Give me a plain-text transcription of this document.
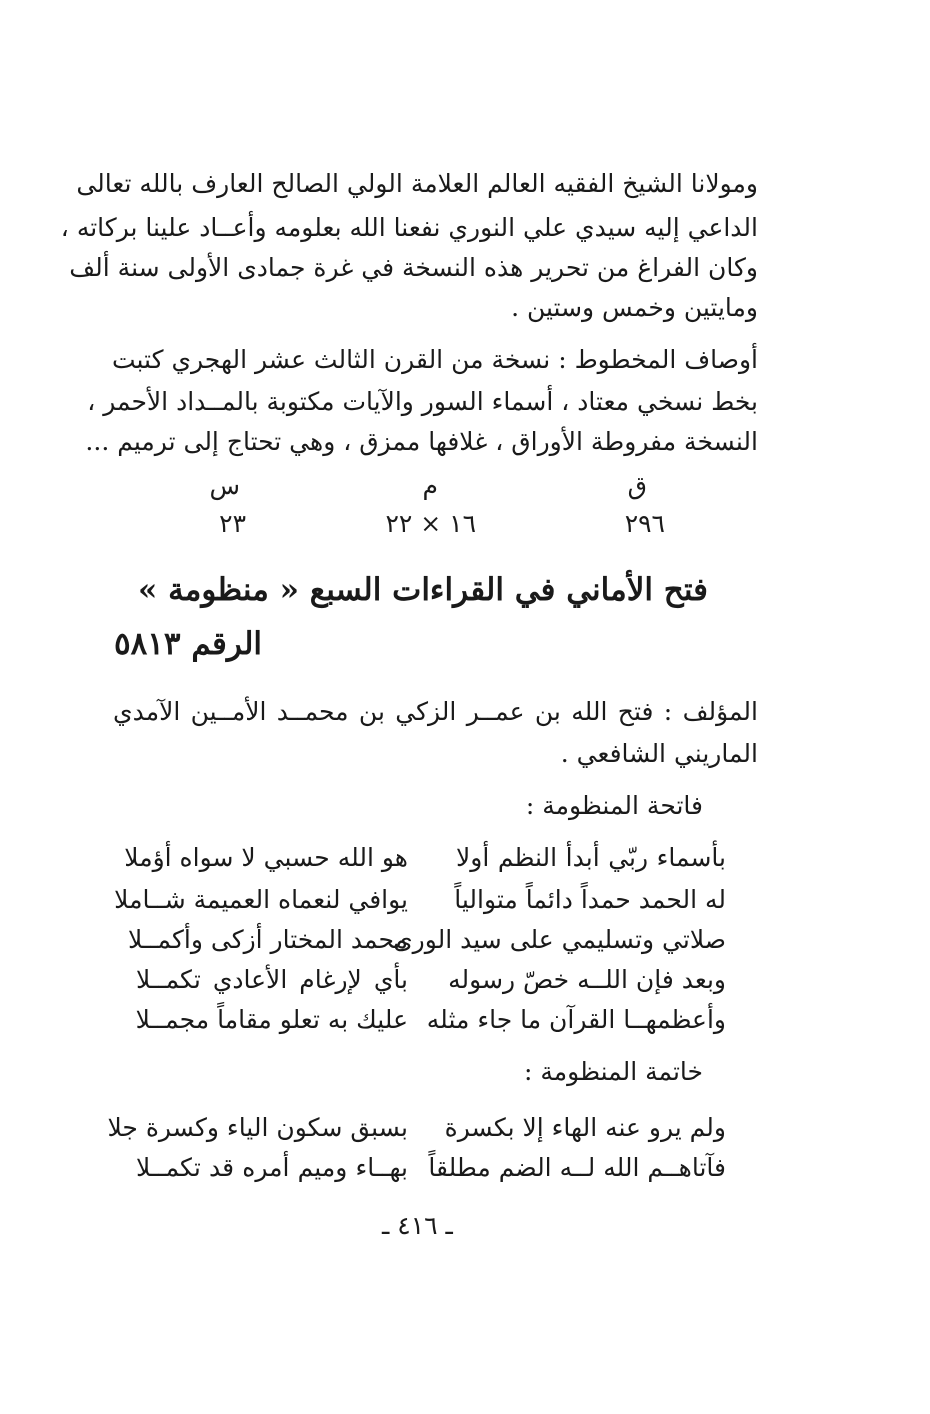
ومولانا الشيخ الفقيه العالم العلامة الولي الصالح العارف بالله تعالى
الداعي إليه سيدي علي النوري نفعنا الله بعلومه وأعــاد علينا بركاته ،
وكان الفراغ من تحرير هذه النسخة في غرة جمادى الأولى سنة ألف
ومايتين وخمس وستين .
أوصاف المخطوط : نسخة من القرن الثالث عشر الهجري كتبت
بخط نسخي معتاد ، أسماء السور والآيات مكتوبة بالمــداد الأحمر ،
النسخة مفروطة الأوراق ، غلافها ممزق ، وهي تحتاج إلى ترميم ...
ق
م
س
٢٩٦
١٦ × ٢٢
٢٣
فتح الأماني في القراءات السبع « منظومة »
الرقم ٥٨١٣
المؤلف : فتح الله بن عمــر الزكي بن محمــد الأمــين الآمدي
الماريني الشافعي .
فاتحة المنظومة :
بأسماء ربّي أبدأ النظم أولا
هو الله حسبي لا سواه أؤملا
له الحمد حمداً دائماً متوالياً
يوافي لنعماه العميمة شــاملا
صلاتي وتسليمي على سيد الورى
محمد المختار أزكى وأكمــلا
وبعد فإن اللــه خصّ رسوله
بأي لإرغام الأعادي تكمــلا
وأعظمهــا القرآن ما جاء مثله
عليك به تعلو مقاماً مجمــلا
خاتمة المنظومة :
ولم يرو عنه الهاء إلا بكسرة
بسبق سكون الياء وكسرة جلا
فآتاهــم الله لــه الضم مطلقاً
بهــاء وميم أمره قد تكمــلا
ـ ٤١٦ ـ
